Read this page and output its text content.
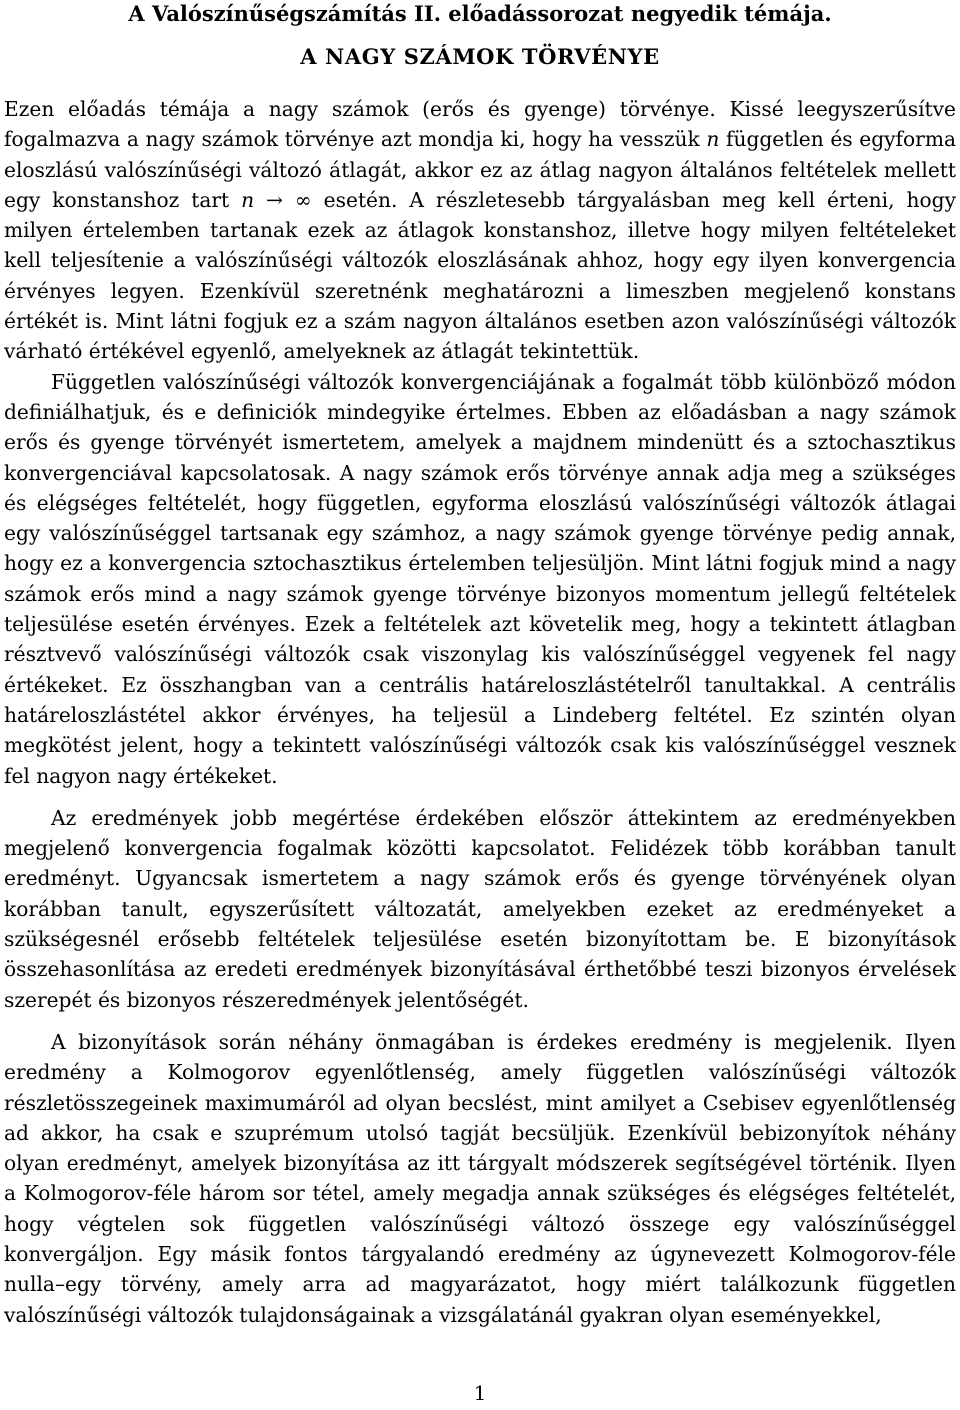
A Valószínűségszámítás II. előadássorozat negyedik témája.
A NAGY SZÁMOK TÖRVÉNYE

Ezen előadás témája a nagy számok (erős és gyenge) törvénye. Kissé leegyszerűsítve fogalmazva a nagy számok törvénye azt mondja ki, hogy ha vesszük n független és egyforma eloszlású valószínűségi változó átlagát, akkor ez az átlag nagyon általános feltételek mellett egy konstanshoz tart n → ∞ esetén. A részletesebb tárgyalásban meg kell érteni, hogy milyen értelemben tartanak ezek az átlagok konstanshoz, illetve hogy milyen feltételeket kell teljesítenie a valószínűségi változók eloszlásának ahhoz, hogy egy ilyen konvergencia érvényes legyen. Ezenkívül szeretnénk meghatározni a limeszben megjelenő konstans értékét is. Mint látni fogjuk ez a szám nagyon általános esetben azon valószínűségi változók várható értékével egyenlő, amelyeknek az átlagát tekintettük.

Független valószínűségi változók konvergenciájának a fogalmát több különböző módon definiálhatjuk, és e definiciók mindegyike értelmes. Ebben az előadásban a nagy számok erős és gyenge törvényét ismertetem, amelyek a majdnem mindenütt és a sztochasztikus konvergenciával kapcsolatosak. A nagy számok erős törvénye annak adja meg a szükséges és elégséges feltételét, hogy független, egyforma eloszlású valószínűségi változók átlagai egy valószínűséggel tartsanak egy számhoz, a nagy számok gyenge törvénye pedig annak, hogy ez a konvergencia sztochasztikus értelemben teljesüljön. Mint látni fogjuk mind a nagy számok erős mind a nagy számok gyenge törvénye bizonyos momentum jellegű feltételek teljesülése esetén érvényes. Ezek a feltételek azt követelik meg, hogy a tekintett átlagban résztvevő valószínűségi változók csak viszonylag kis valószínűséggel vegyenek fel nagy értékeket. Ez összhangban van a centrális határeloszlástételről tanultakkal. A centrális határeloszlástétel akkor érvényes, ha teljesül a Lindeberg feltétel. Ez szintén olyan megkötést jelent, hogy a tekintett valószínűségi változók csak kis valószínűséggel vesznek fel nagyon nagy értékeket.

Az eredmények jobb megértése érdekében először áttekintem az eredményekben megjelenő konvergencia fogalmak közötti kapcsolatot. Felidézek több korábban tanult eredményt. Ugyancsak ismertetem a nagy számok erős és gyenge törvényének olyan korábban tanult, egyszerűsített változatát, amelyekben ezeket az eredményeket a szükségesnél erősebb feltételek teljesülése esetén bizonyítottam be. E bizonyítások összehasonlítása az eredeti eredmények bizonyításával érthetőbbé teszi bizonyos érvelések szerepét és bizonyos részeredmények jelentőségét.

A bizonyítások során néhány önmagában is érdekes eredmény is megjelenik. Ilyen eredmény a Kolmogorov egyenlőtlenség, amely független valószínűségi változók részletösszegeinek maximumáról ad olyan becslést, mint amilyet a Csebisev egyenlőtlenség ad akkor, ha csak e szuprémum utolsó tagját becsüljük. Ezenkívül bebizonyítok néhány olyan eredményt, amelyek bizonyítása az itt tárgyalt módszerek segítségével történik. Ilyen a Kolmogorov-féle három sor tétel, amely megadja annak szükséges és elégséges feltételét, hogy végtelen sok független valószínűségi változó összege egy valószínűséggel konvergáljon. Egy másik fontos tárgyalandó eredmény az úgynevezett Kolmogorov-féle nulla–egy törvény, amely arra ad magyarázatot, hogy miért találkozunk független valószínűségi változók tulajdonságainak a vizsgálatánál gyakran olyan eseményekkel,

1
